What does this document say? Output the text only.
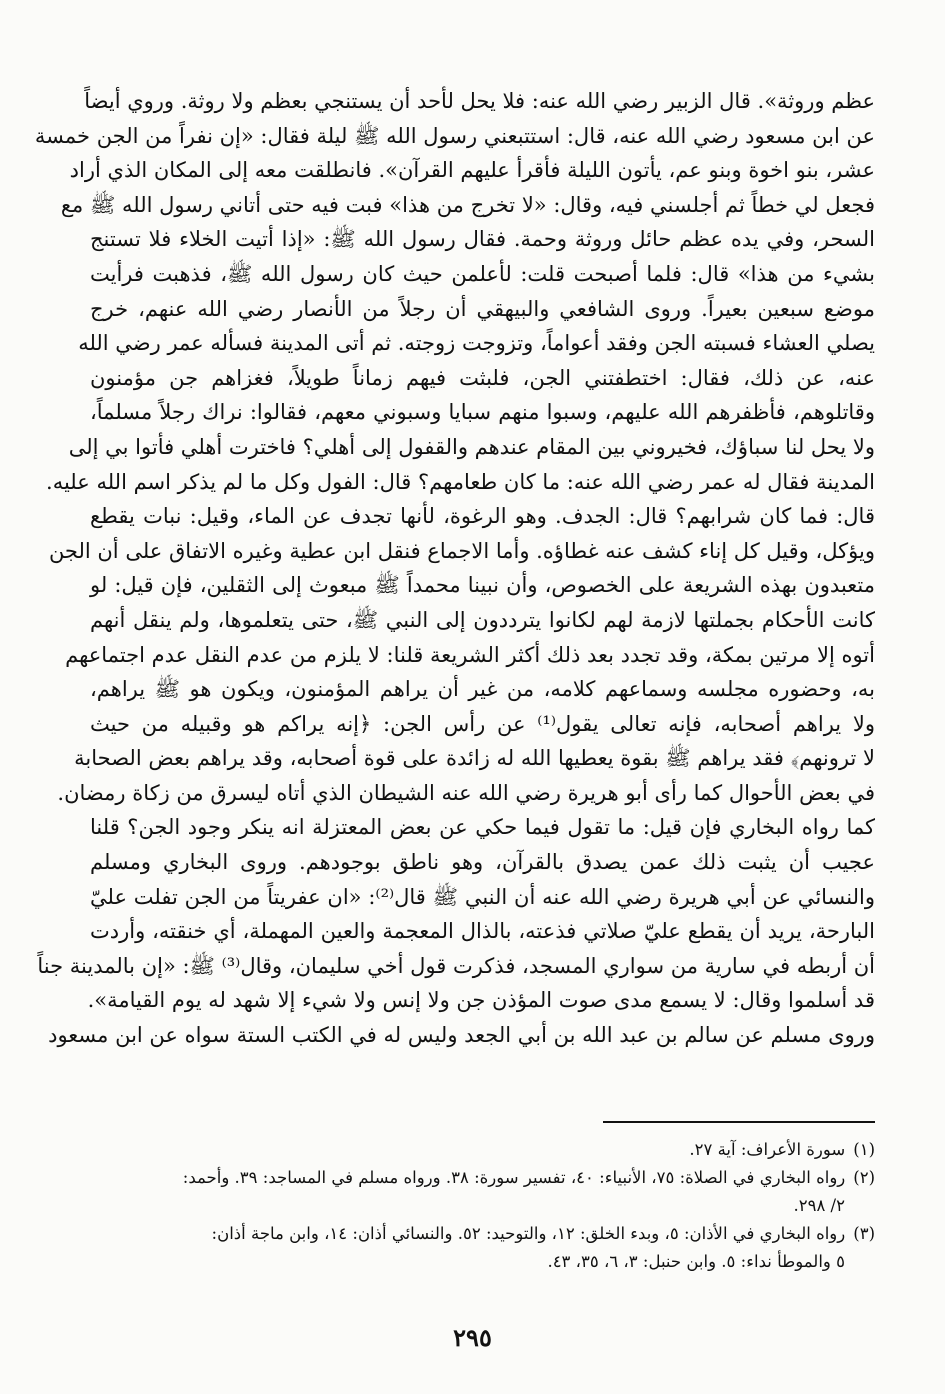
عظم وروثة». قال الزبير رضي الله عنه: فلا يحل لأحد أن يستنجي بعظم ولا روثة. وروي أيضاً
عن ابن مسعود رضي الله عنه، قال: استتبعني رسول الله ﷺ ليلة فقال: «إن نفراً من الجن خمسة
عشر، بنو اخوة وبنو عم، يأتون الليلة فأقرأ عليهم القرآن». فانطلقت معه إلى المكان الذي أراد
فجعل لي خطاً ثم أجلسني فيه، وقال: «لا تخرج من هذا» فبت فيه حتى أتاني رسول الله ﷺ مع
السحر، وفي يده عظم حائل وروثة وحمة. فقال رسول الله ﷺ: «إذا أتيت الخلاء فلا تستنج
بشيء من هذا» قال: فلما أصبحت قلت: لأعلمن حيث كان رسول الله ﷺ، فذهبت فرأيت
موضع سبعين بعيراً. وروى الشافعي والبيهقي أن رجلاً من الأنصار رضي الله عنهم، خرج
يصلي العشاء فسبته الجن وفقد أعواماً، وتزوجت زوجته. ثم أتى المدينة فسأله عمر رضي الله
عنه، عن ذلك، فقال: اختطفتني الجن، فلبثت فيهم زماناً طويلاً، فغزاهم جن مؤمنون
وقاتلوهم، فأظفرهم الله عليهم، وسبوا منهم سبايا وسبوني معهم، فقالوا: نراك رجلاً مسلماً،
ولا يحل لنا سباؤك، فخيروني بين المقام عندهم والقفول إلى أهلي؟ فاخترت أهلي فأتوا بي إلى
المدينة فقال له عمر رضي الله عنه: ما كان طعامهم؟ قال: الفول وكل ما لم يذكر اسم الله عليه.
قال: فما كان شرابهم؟ قال: الجدف. وهو الرغوة، لأنها تجدف عن الماء، وقيل: نبات يقطع
ويؤكل، وقيل كل إناء كشف عنه غطاؤه. وأما الاجماع فنقل ابن عطية وغيره الاتفاق على أن الجن
متعبدون بهذه الشريعة على الخصوص، وأن نبينا محمداً ﷺ مبعوث إلى الثقلين، فإن قيل: لو
كانت الأحكام بجملتها لازمة لهم لكانوا يترددون إلى النبي ﷺ، حتى يتعلموها، ولم ينقل أنهم
أتوه إلا مرتين بمكة، وقد تجدد بعد ذلك أكثر الشريعة قلنا: لا يلزم من عدم النقل عدم اجتماعهم
به، وحضوره مجلسه وسماعهم كلامه، من غير أن يراهم المؤمنون، ويكون هو ﷺ يراهم،
ولا يراهم أصحابه، فإنه تعالى يقول⁽¹⁾ عن رأس الجن: ﴿إنه يراكم هو وقبيله من حيث
لا ترونهم﴾ فقد يراهم ﷺ بقوة يعطيها الله له زائدة على قوة أصحابه، وقد يراهم بعض الصحابة
في بعض الأحوال كما رأى أبو هريرة رضي الله عنه الشيطان الذي أتاه ليسرق من زكاة رمضان.
كما رواه البخاري فإن قيل: ما تقول فيما حكي عن بعض المعتزلة انه ينكر وجود الجن؟ قلنا
عجيب أن يثبت ذلك عمن يصدق بالقرآن، وهو ناطق بوجودهم. وروى البخاري ومسلم
والنسائي عن أبي هريرة رضي الله عنه أن النبي ﷺ قال⁽²⁾: «ان عفريتاً من الجن تفلت عليّ
البارحة، يريد أن يقطع عليّ صلاتي فذعته، بالذال المعجمة والعين المهملة، أي خنقته، وأردت
أن أربطه في سارية من سواري المسجد، فذكرت قول أخي سليمان، وقال⁽³⁾ ﷺ: «إن بالمدينة جناً
قد أسلموا وقال: لا يسمع مدى صوت المؤذن جن ولا إنس ولا شيء إلا شهد له يوم القيامة».
وروى مسلم عن سالم بن عبد الله بن أبي الجعد وليس له في الكتب الستة سواه عن ابن مسعود
(١)سورة الأعراف: آية ٢٧.
(٢)رواه البخاري في الصلاة: ٧٥، الأنبياء: ٤٠، تفسير سورة: ٣٨. ورواه مسلم في المساجد: ٣٩. وأحمد:
٢/ ٢٩٨.
(٣)رواه البخاري في الأذان: ٥، وبدء الخلق: ١٢، والتوحيد: ٥٢. والنسائي أذان: ١٤، وابن ماجة أذان:
٥ والموطأ نداء: ٥. وابن حنبل: ٣، ٦، ٣٥، ٤٣.
٢٩٥
